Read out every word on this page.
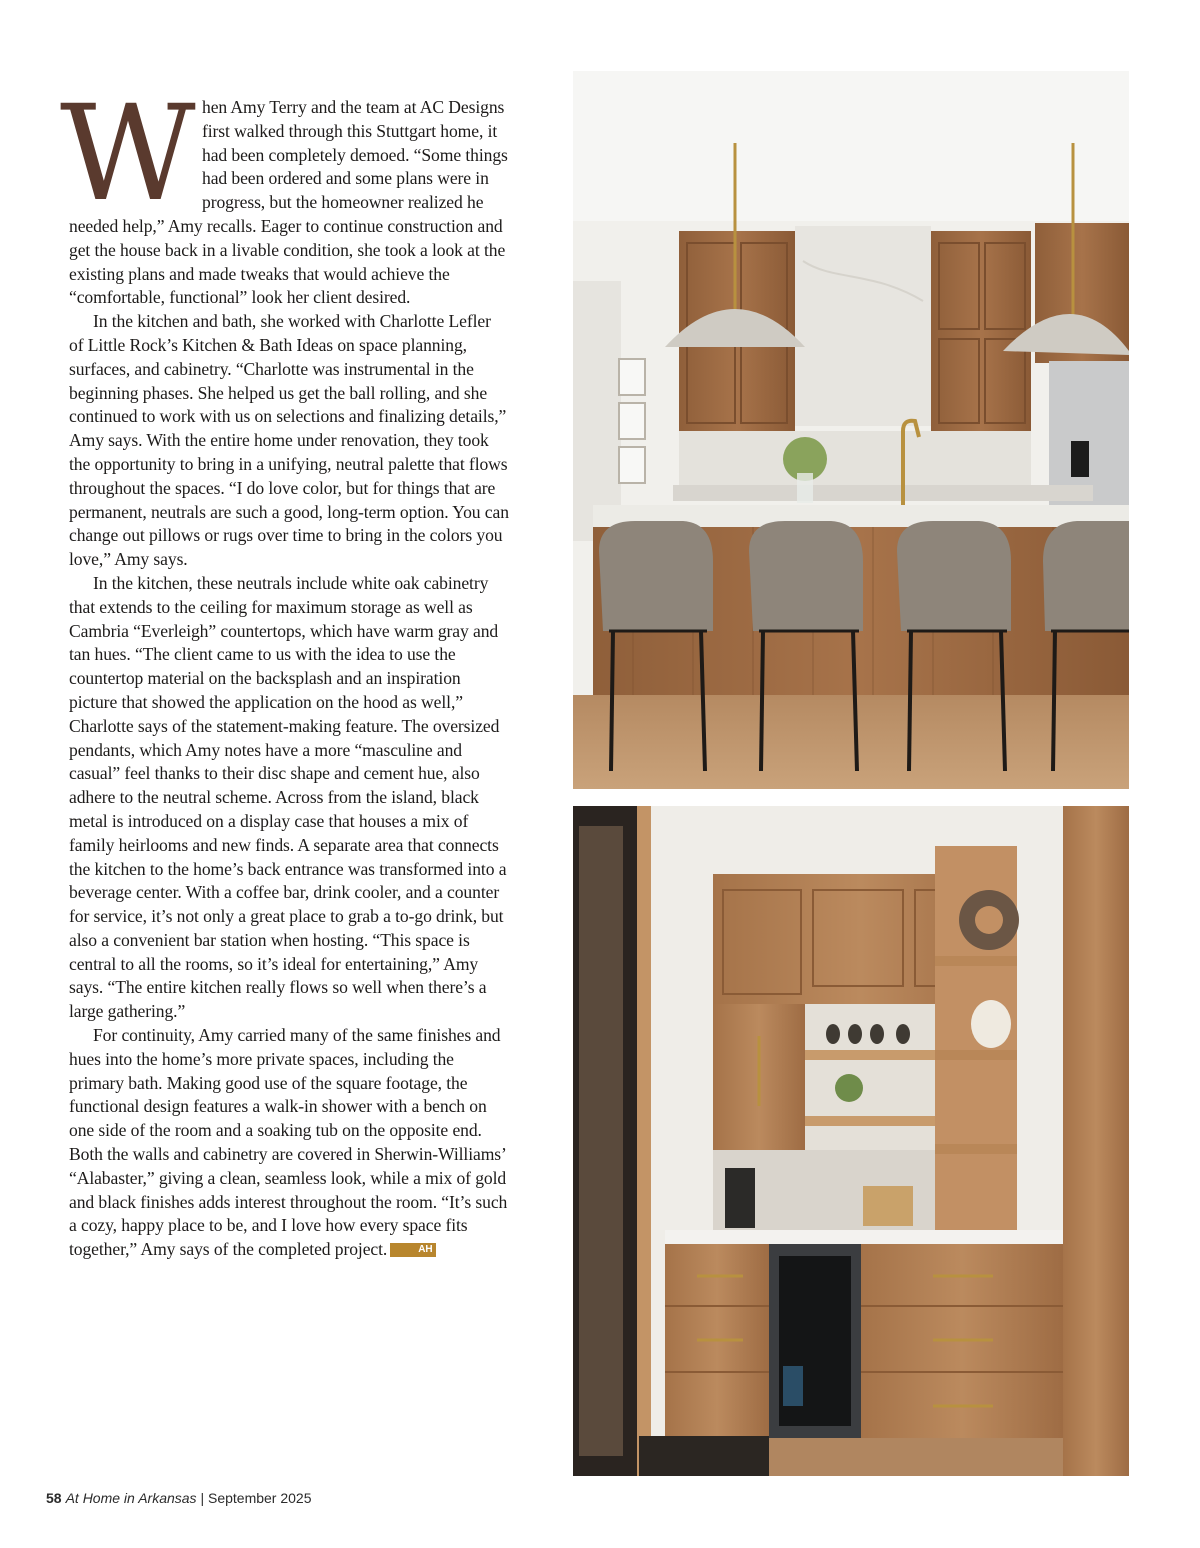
When Amy Terry and the team at AC Designs first walked through this Stuttgart home, it had been completely demoed. “Some things had been ordered and some plans were in progress, but the homeowner realized he needed help,” Amy recalls. Eager to continue construction and get the house back in a livable condition, she took a look at the existing plans and made tweaks that would achieve the “comfortable, functional” look her client desired.

In the kitchen and bath, she worked with Charlotte Lefler of Little Rock’s Kitchen & Bath Ideas on space planning, surfaces, and cabinetry. “Charlotte was instrumental in the beginning phases. She helped us get the ball rolling, and she continued to work with us on selections and finalizing details,” Amy says. With the entire home under renovation, they took the opportunity to bring in a unifying, neutral palette that flows throughout the spaces. “I do love color, but for things that are permanent, neutrals are such a good, long-term option. You can change out pillows or rugs over time to bring in the colors you love,” Amy says.

In the kitchen, these neutrals include white oak cabinetry that extends to the ceiling for maximum storage as well as Cambria “Everleigh” countertops, which have warm gray and tan hues. “The client came to us with the idea to use the countertop material on the backsplash and an inspiration picture that showed the application on the hood as well,” Charlotte says of the statement-making feature. The oversized pendants, which Amy notes have a more “masculine and casual” feel thanks to their disc shape and cement hue, also adhere to the neutral scheme. Across from the island, black metal is introduced on a display case that houses a mix of family heirlooms and new finds. A separate area that connects the kitchen to the home’s back entrance was transformed into a beverage center. With a coffee bar, drink cooler, and a counter for service, it’s not only a great place to grab a to-go drink, but also a convenient bar station when hosting. “This space is central to all the rooms, so it’s ideal for entertaining,” Amy says. “The entire kitchen really flows so well when there’s a large gathering.”

For continuity, Amy carried many of the same finishes and hues into the home’s more private spaces, including the primary bath. Making good use of the square footage, the functional design features a walk-in shower with a bench on one side of the room and a soaking tub on the opposite end. Both the walls and cabinetry are covered in Sherwin-Williams’ “Alabaster,” giving a clean, seamless look, while a mix of gold and black finishes adds interest throughout the room. “It’s such a cozy, happy place to be, and I love how every space fits together,” Amy says of the completed project.	AH

58 At Home in Arkansas | September 2025
